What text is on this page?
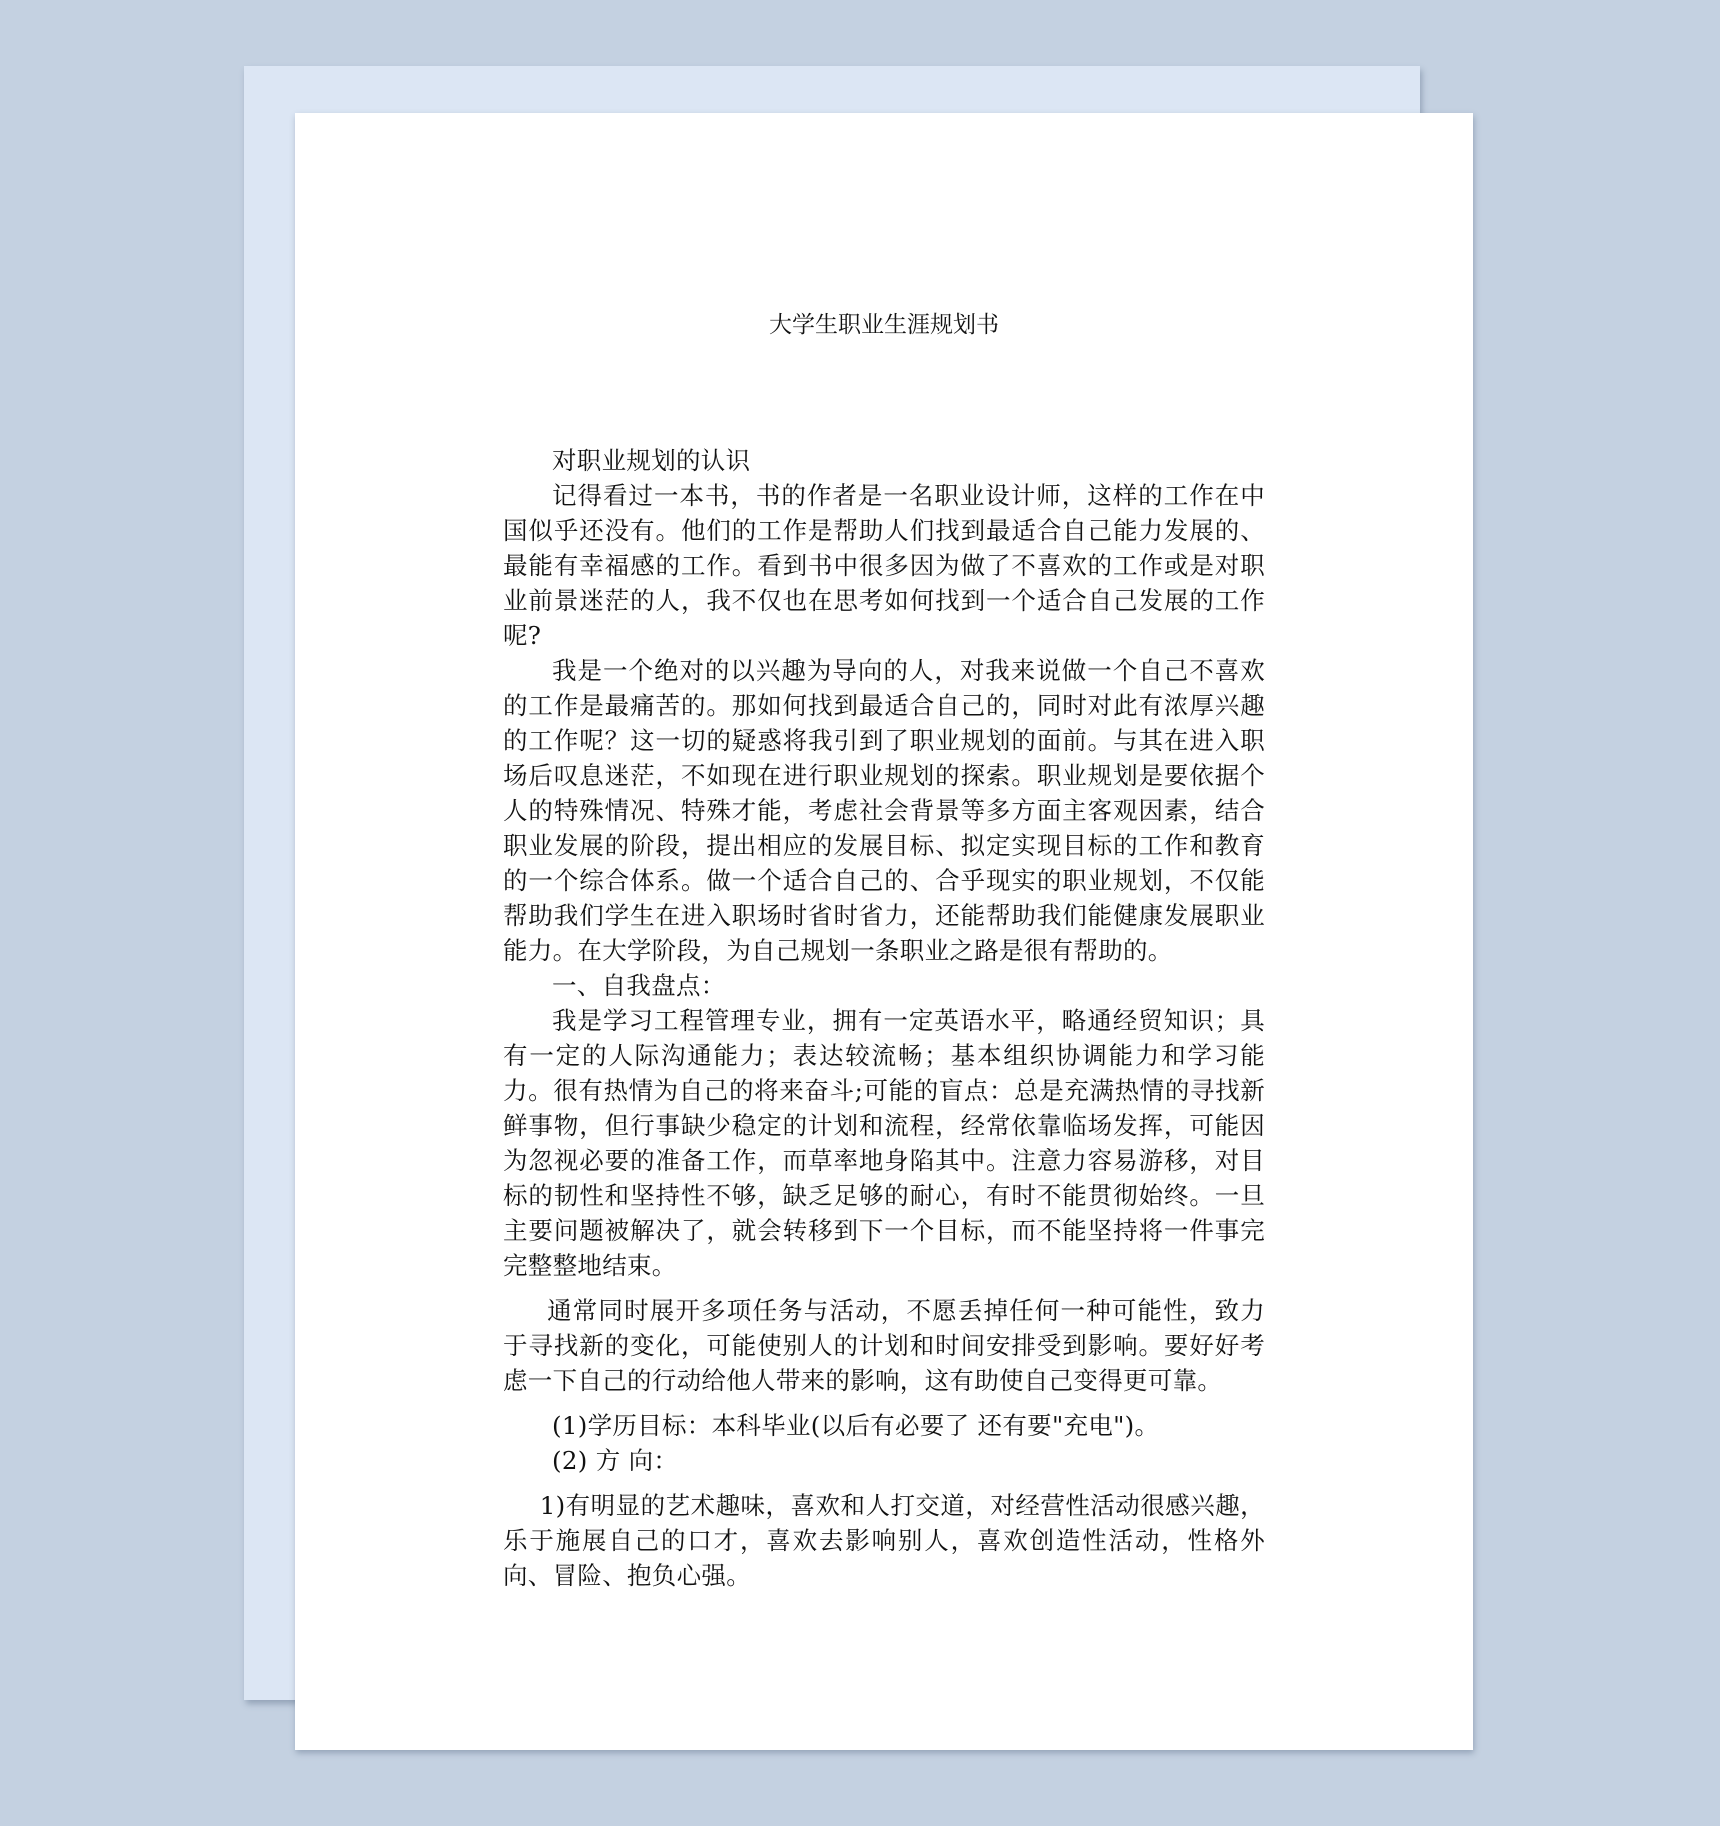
大学生职业生涯规划书

对职业规划的认识

记得看过一本书，书的作者是一名职业设计师，这样的工作在中国似乎还没有。他们的工作是帮助人们找到最适合自己能力发展的、最能有幸福感的工作。看到书中很多因为做了不喜欢的工作或是对职业前景迷茫的人，我不仅也在思考如何找到一个适合自己发展的工作呢?

我是一个绝对的以兴趣为导向的人，对我来说做一个自己不喜欢的工作是最痛苦的。那如何找到最适合自己的，同时对此有浓厚兴趣的工作呢？这一切的疑惑将我引到了职业规划的面前。与其在进入职场后叹息迷茫，不如现在进行职业规划的探索。职业规划是要依据个人的特殊情况、特殊才能，考虑社会背景等多方面主客观因素，结合职业发展的阶段，提出相应的发展目标、拟定实现目标的工作和教育的一个综合体系。做一个适合自己的、合乎现实的职业规划，不仅能帮助我们学生在进入职场时省时省力，还能帮助我们能健康发展职业能力。在大学阶段，为自己规划一条职业之路是很有帮助的。

一、自我盘点：

我是学习工程管理专业，拥有一定英语水平，略通经贸知识；具有一定的人际沟通能力；表达较流畅；基本组织协调能力和学习能力。很有热情为自己的将来奋斗;可能的盲点：总是充满热情的寻找新鲜事物，但行事缺少稳定的计划和流程，经常依靠临场发挥，可能因为忽视必要的准备工作，而草率地身陷其中。注意力容易游移，对目标的韧性和坚持性不够，缺乏足够的耐心，有时不能贯彻始终。一旦主要问题被解决了，就会转移到下一个目标，而不能坚持将一件事完完整整地结束。

通常同时展开多项任务与活动，不愿丢掉任何一种可能性，致力于寻找新的变化，可能使别人的计划和时间安排受到影响。要好好考虑一下自己的行动给他人带来的影响，这有助使自己变得更可靠。

(1)学历目标：本科毕业(以后有必要了 还有要"充电")。

(2) 方 向：

1)有明显的艺术趣味，喜欢和人打交道，对经营性活动很感兴趣，乐于施展自己的口才，喜欢去影响别人，喜欢创造性活动，性格外向、冒险、抱负心强。
